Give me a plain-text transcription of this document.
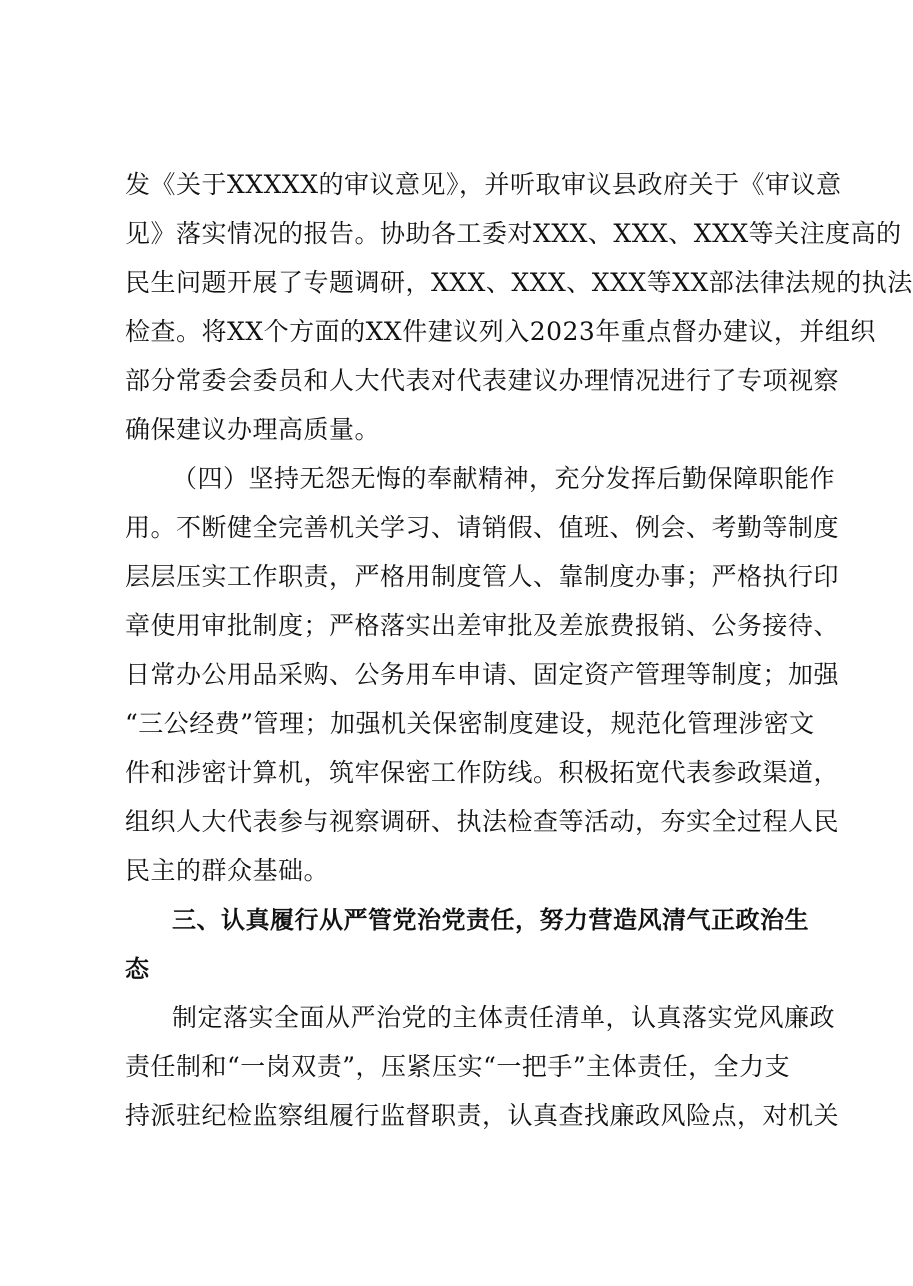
发《关于XXXXX的审议意见》，并听取审议县政府关于《审议意
见》落实情况的报告。协助各工委对XXX、XXX、XXX等关注度高的
民生问题开展了专题调研，XXX、XXX、XXX等XX部法律法规的执法
检查。将XX个方面的XX件建议列入2023年重点督办建议，并组织
部分常委会委员和人大代表对代表建议办理情况进行了专项视察
确保建议办理高质量。
（四）坚持无怨无悔的奉献精神，充分发挥后勤保障职能作
用。不断健全完善机关学习、请销假、值班、例会、考勤等制度
层层压实工作职责，严格用制度管人、靠制度办事；严格执行印
章使用审批制度；严格落实出差审批及差旅费报销、公务接待、
日常办公用品采购、公务用车申请、固定资产管理等制度；加强
“三公经费”管理；加强机关保密制度建设，规范化管理涉密文
件和涉密计算机，筑牢保密工作防线。积极拓宽代表参政渠道，
组织人大代表参与视察调研、执法检查等活动，夯实全过程人民
民主的群众基础。
三、认真履行从严管党治党责任，努力营造风清气正政治生
态
制定落实全面从严治党的主体责任清单，认真落实党风廉政
责任制和“一岗双责”，压紧压实“一把手”主体责任，全力支
持派驻纪检监察组履行监督职责，认真查找廉政风险点，对机关
